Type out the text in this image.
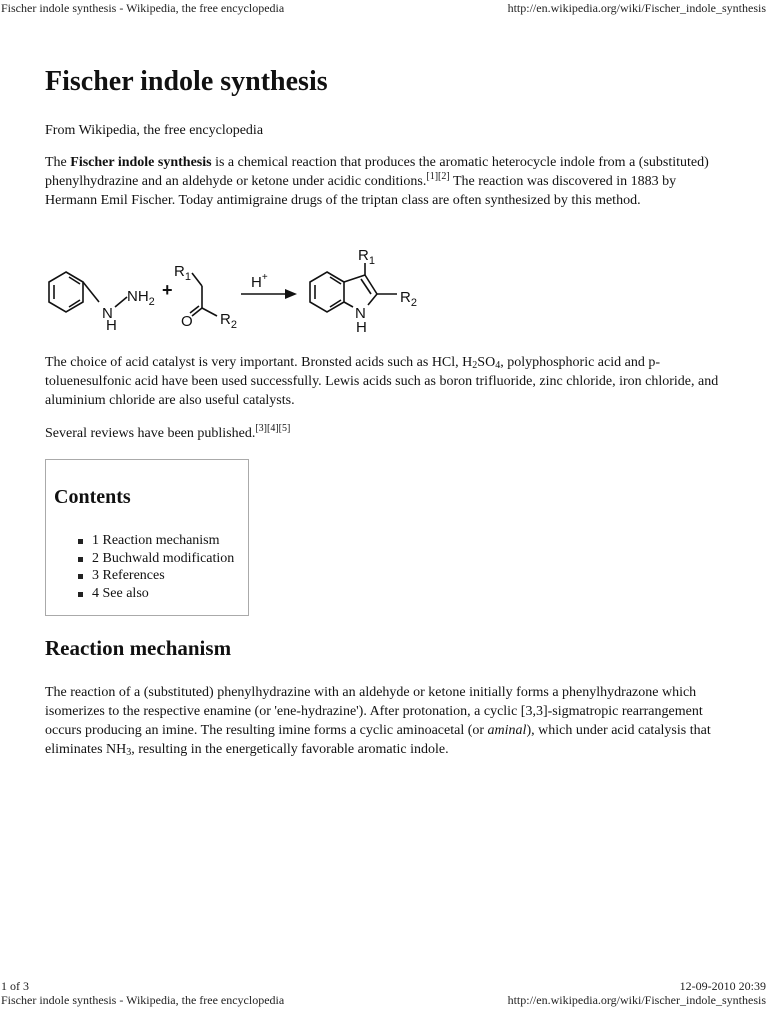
Fischer indole synthesis - Wikipedia, the free encyclopedia	http://en.wikipedia.org/wiki/Fischer_indole_synthesis
Fischer indole synthesis

From Wikipedia, the free encyclopedia

The Fischer indole synthesis is a chemical reaction that produces the aromatic heterocycle indole from a (substituted) phenylhydrazine and an aldehyde or ketone under acidic conditions.[1][2] The reaction was discovered in 1883 by Hermann Emil Fischer. Today antimigraine drugs of the triptan class are often synthesized by this method.

N
H
$NH_2$
+
$R_1$
O $R_2$
H+
$R_1$
$R_2$
N
H

The choice of acid catalyst is very important. Bronsted acids such as HCl, $H_2SO_4$, polyphosphoric acid and p-toluenesulfonic acid have been used successfully. Lewis acids such as boron trifluoride, zinc chloride, iron chloride, and aluminium chloride are also useful catalysts.

Several reviews have been published.[3][4][5]

Contents
1 Reaction mechanism
2 Buchwald modification
3 References
4 See also
Reaction mechanism

The reaction of a (substituted) phenylhydrazine with an aldehyde or ketone initially forms a phenylhydrazone which isomerizes to the respective enamine (or 'ene-hydrazine'). After protonation, a cyclic [3,3]-sigmatropic rearrangement occurs producing an imine. The resulting imine forms a cyclic aminoacetal (or aminal), which under acid catalysis that eliminates $NH_3$, resulting in the energetically favorable aromatic indole.

1 of 3	12-09-2010 20:39
Fischer indole synthesis - Wikipedia, the free encyclopedia	http://en.wikipedia.org/wiki/Fischer_indole_synthesis
